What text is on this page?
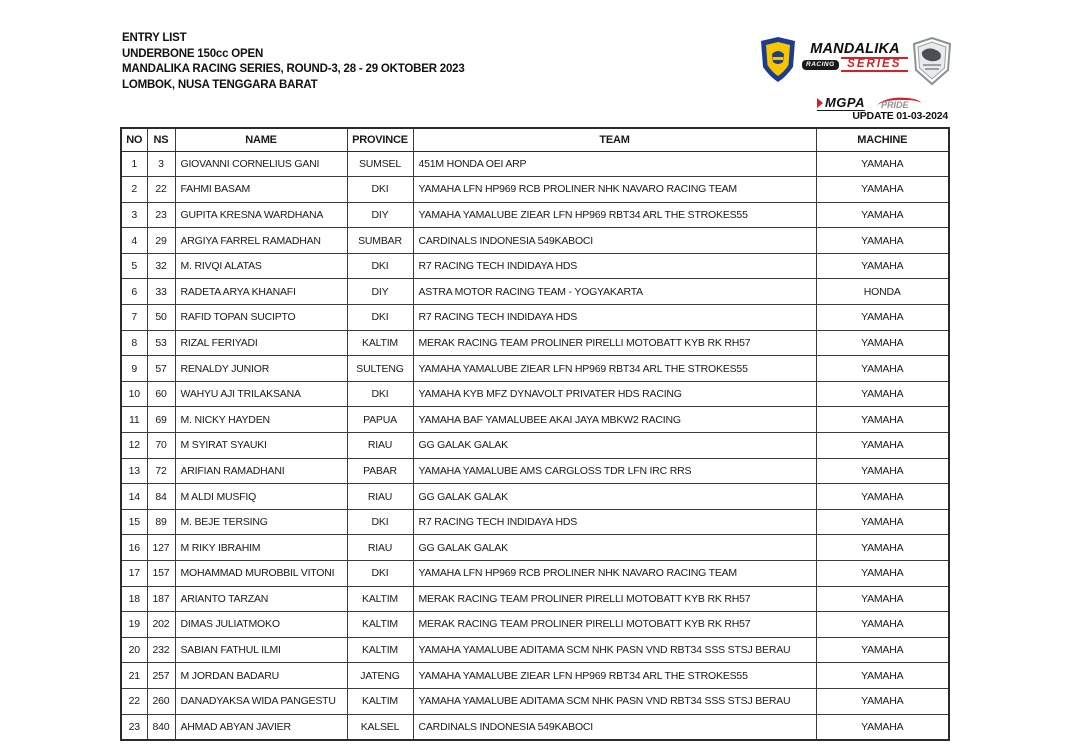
ENTRY LIST
UNDERBONE 150cc OPEN
MANDALIKA RACING SERIES, ROUND-3, 28 - 29 OKTOBER 2023
LOMBOK, NUSA TENGGARA BARAT
MANDALIKA
RACING	SERIES
MGPA PRIDE
UPDATE 01-03-2024
NO	NS	NAME	PROVINCE	TEAM	MACHINE
1	3	GIOVANNI CORNELIUS GANI	SUMSEL	451M HONDA OEI ARP	YAMAHA
2	22	FAHMI BASAM	DKI	YAMAHA LFN HP969 RCB PROLINER NHK NAVARO RACING TEAM	YAMAHA
3	23	GUPITA KRESNA WARDHANA	DIY	YAMAHA YAMALUBE ZIEAR LFN HP969 RBT34 ARL THE STROKES55	YAMAHA
4	29	ARGIYA FARREL RAMADHAN	SUMBAR	CARDINALS INDONESIA 549KABOCI	YAMAHA
5	32	M. RIVQI ALATAS	DKI	R7 RACING TECH INDIDAYA HDS	YAMAHA
6	33	RADETA ARYA KHANAFI	DIY	ASTRA MOTOR RACING TEAM - YOGYAKARTA	HONDA
7	50	RAFID TOPAN SUCIPTO	DKI	R7 RACING TECH INDIDAYA HDS	YAMAHA
8	53	RIZAL FERIYADI	KALTIM	MERAK RACING TEAM PROLINER PIRELLI MOTOBATT KYB RK RH57	YAMAHA
9	57	RENALDY JUNIOR	SULTENG	YAMAHA YAMALUBE ZIEAR LFN HP969 RBT34 ARL THE STROKES55	YAMAHA
10	60	WAHYU AJI TRILAKSANA	DKI	YAMAHA KYB MFZ DYNAVOLT PRIVATER HDS RACING	YAMAHA
11	69	M. NICKY HAYDEN	PAPUA	YAMAHA BAF YAMALUBEE AKAI JAYA MBKW2 RACING	YAMAHA
12	70	M SYIRAT SYAUKI	RIAU	GG GALAK GALAK	YAMAHA
13	72	ARIFIAN RAMADHANI	PABAR	YAMAHA YAMALUBE AMS CARGLOSS TDR LFN IRC RRS	YAMAHA
14	84	M ALDI MUSFIQ	RIAU	GG GALAK GALAK	YAMAHA
15	89	M. BEJE TERSING	DKI	R7 RACING TECH INDIDAYA HDS	YAMAHA
16	127	M RIKY IBRAHIM	RIAU	GG GALAK GALAK	YAMAHA
17	157	MOHAMMAD MUROBBIL VITONI	DKI	YAMAHA LFN HP969 RCB PROLINER NHK NAVARO RACING TEAM	YAMAHA
18	187	ARIANTO TARZAN	KALTIM	MERAK RACING TEAM PROLINER PIRELLI MOTOBATT KYB RK RH57	YAMAHA
19	202	DIMAS JULIATMOKO	KALTIM	MERAK RACING TEAM PROLINER PIRELLI MOTOBATT KYB RK RH57	YAMAHA
20	232	SABIAN FATHUL ILMI	KALTIM	YAMAHA YAMALUBE ADITAMA SCM NHK PASN VND RBT34 SSS STSJ BERAU	YAMAHA
21	257	M JORDAN BADARU	JATENG	YAMAHA YAMALUBE ZIEAR LFN HP969 RBT34 ARL THE STROKES55	YAMAHA
22	260	DANADYAKSA WIDA PANGESTU	KALTIM	YAMAHA YAMALUBE ADITAMA SCM NHK PASN VND RBT34 SSS STSJ BERAU	YAMAHA
23	840	AHMAD ABYAN JAVIER	KALSEL	CARDINALS INDONESIA 549KABOCI	YAMAHA
